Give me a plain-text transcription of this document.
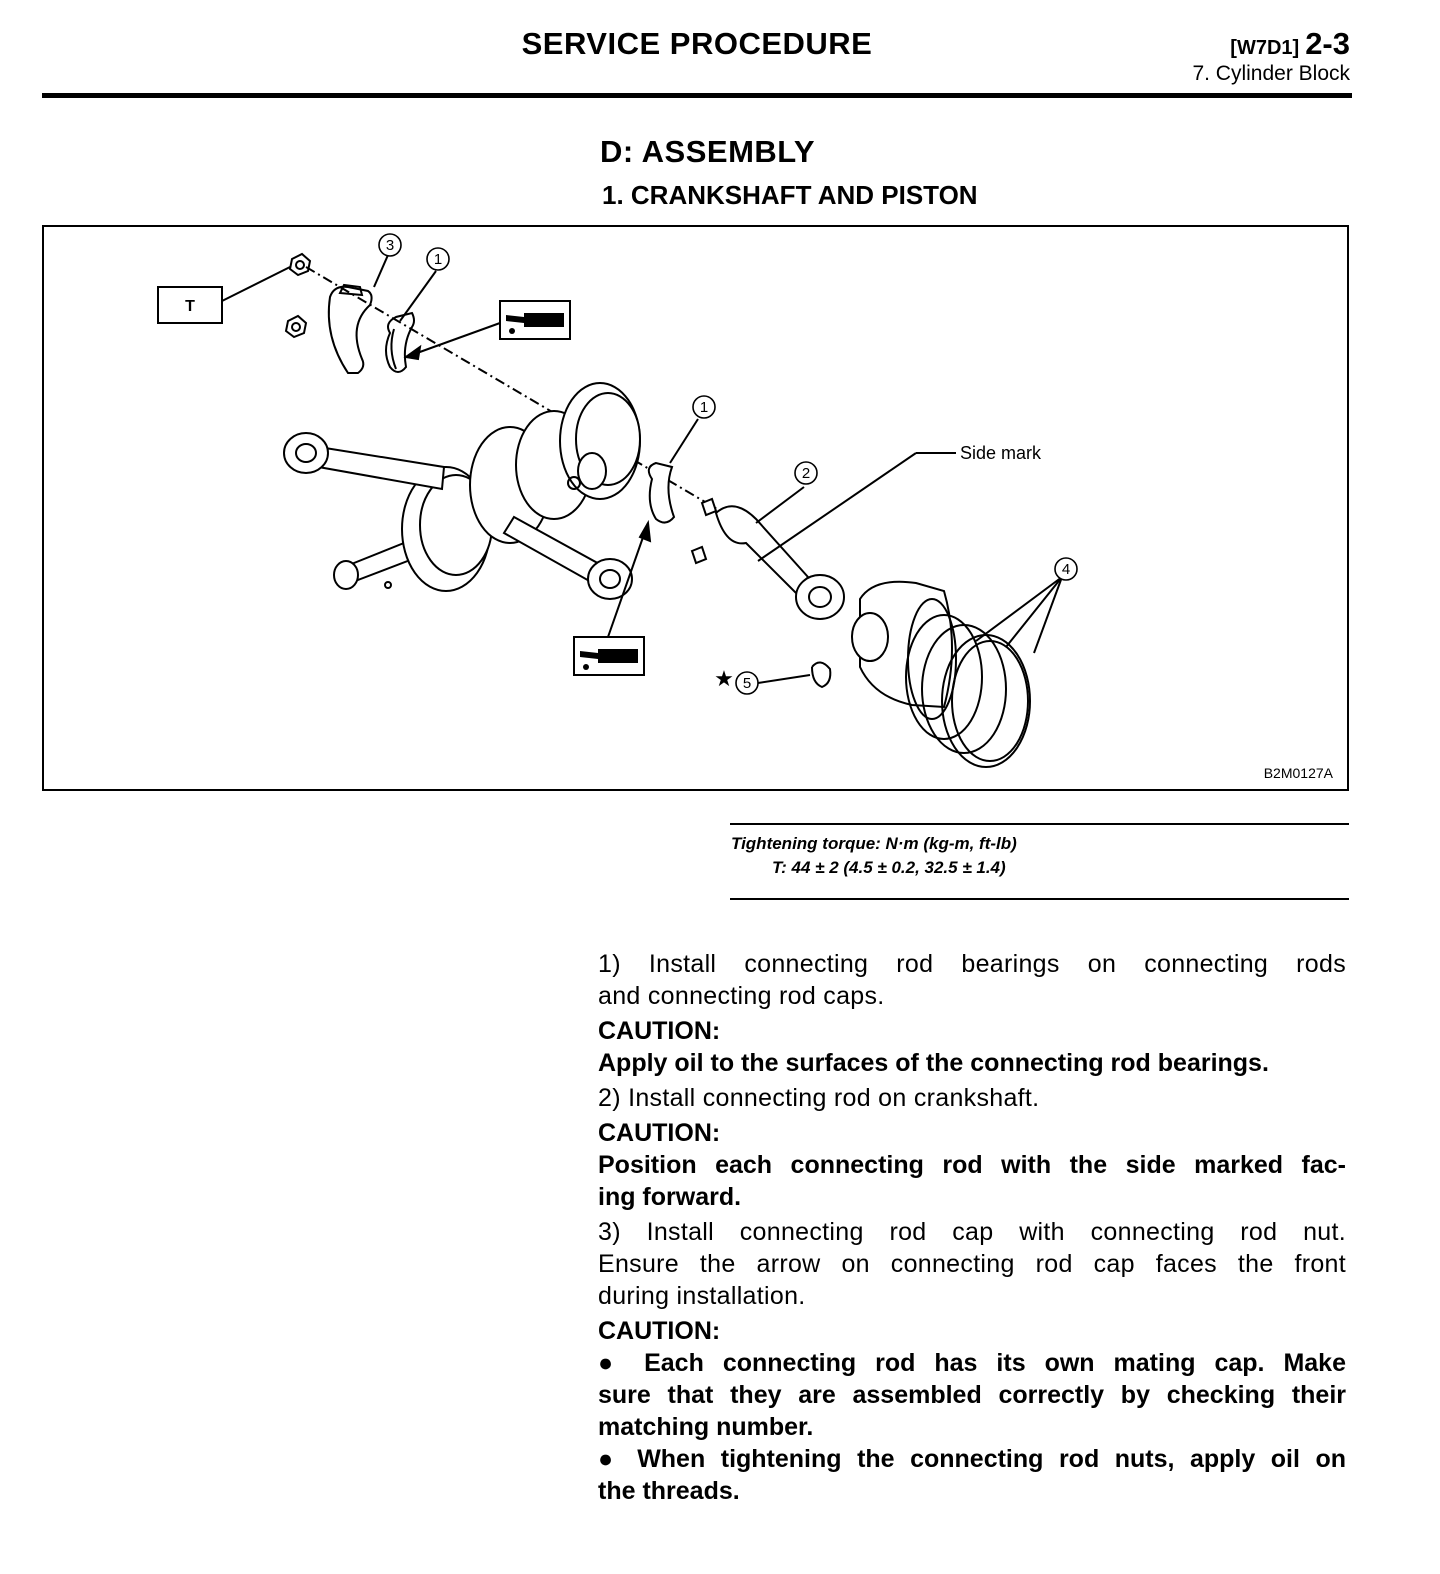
SERVICE PROCEDURE	[W7D1] 2-3
7. Cylinder Block
D: ASSEMBLY
1. CRANKSHAFT AND PISTON
3
1
1
2
4
5
T
★
Side mark
B2M0127A
Tightening torque: N·m (kg-m, ft-lb)
T: 44 ± 2 (4.5 ± 0.2, 32.5 ± 1.4)

1) Install connecting rod bearings on connecting rods

and connecting rod caps.

CAUTION:

Apply oil to the surfaces of the connecting rod bearings.

2) Install connecting rod on crankshaft.

CAUTION:

Position each connecting rod with the side marked fac-

ing forward.

3) Install connecting rod cap with connecting rod nut.

Ensure the arrow on connecting rod cap faces the front

during installation.

CAUTION:

● Each connecting rod has its own mating cap. Make

sure that they are assembled correctly by checking their

matching number.

● When tightening the connecting rod nuts, apply oil on

the threads.
